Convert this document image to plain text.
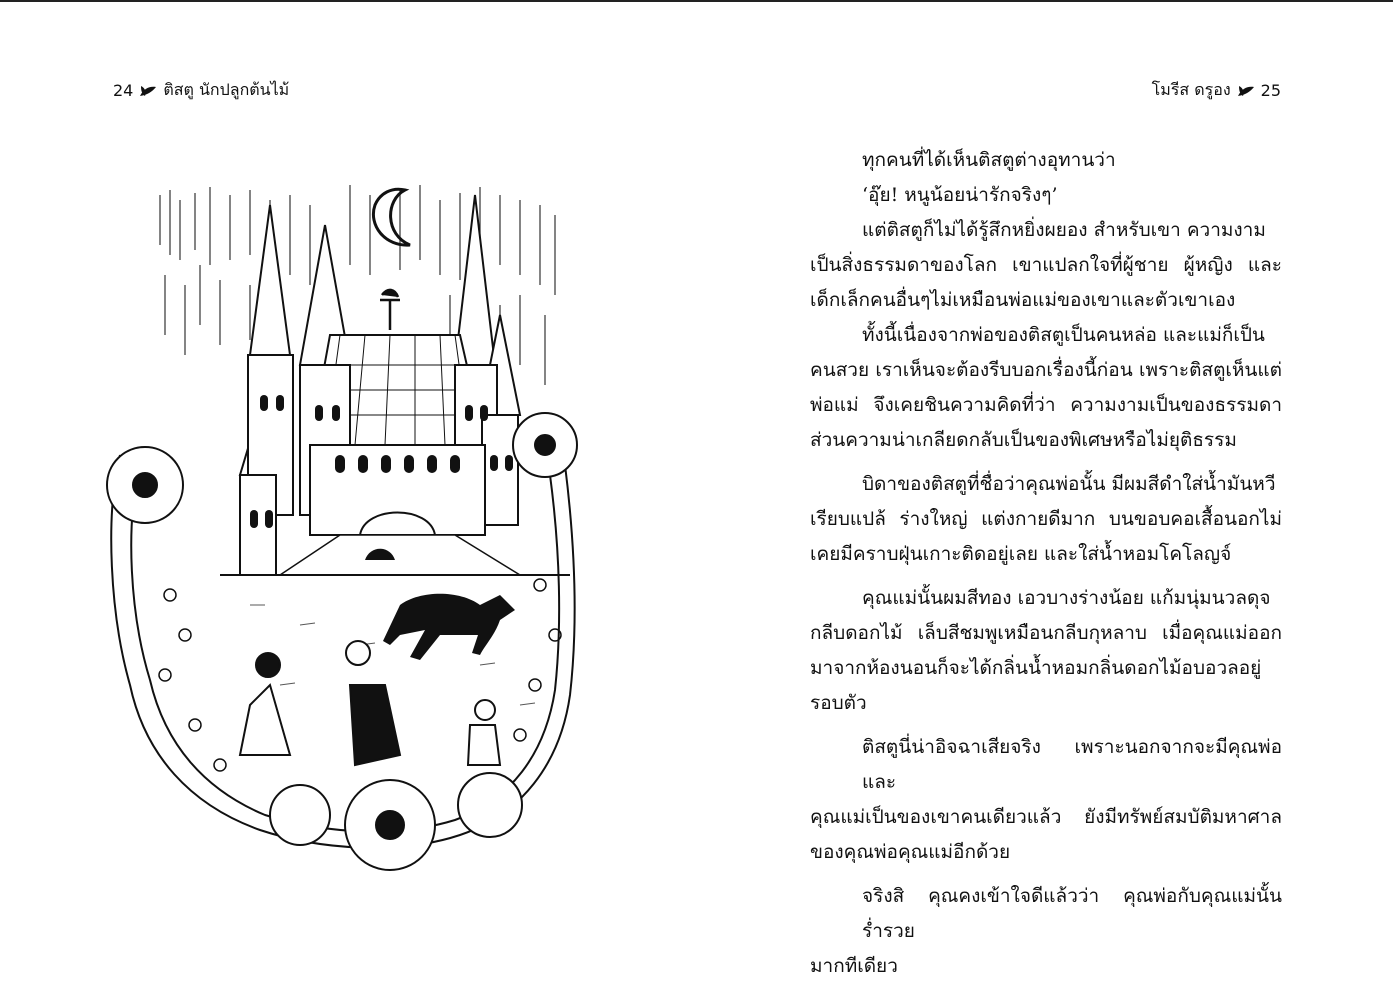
24 ติสตู นักปลูกต้นไม้	โมรีส ดรูอง 25

ทุกคนที่ได้เห็นติสตูต่างอุทานว่า

‘อุ๊ย! หนูน้อยน่ารักจริงๆ’

แต่ติสตูก็ไม่ได้รู้สึกหยิ่งผยอง สำหรับเขา ความงาม
เป็นสิ่งธรรมดาของโลก เขาแปลกใจที่ผู้ชาย ผู้หญิง และเด็กเล็กคนอื่นๆไม่เหมือนพ่อแม่ของเขาและตัวเขาเอง

ทั้งนี้เนื่องจากพ่อของติสตูเป็นคนหล่อ และแม่ก็เป็น
คนสวย เราเห็นจะต้องรีบบอกเรื่องนี้ก่อน เพราะติสตูเห็นแต่พ่อแม่ จึงเคยชินความคิดที่ว่า ความงามเป็นของธรรมดา ส่วนความน่าเกลียดกลับเป็นของพิเศษหรือไม่ยุติธรรม

บิดาของติสตูที่ชื่อว่าคุณพ่อนั้น มีผมสีดำใส่น้ำมันหวี
เรียบแปล้ ร่างใหญ่ แต่งกายดีมาก บนขอบคอเสื้อนอกไม่เคยมีคราบฝุ่นเกาะติดอยู่เลย และใส่น้ำหอมโคโลญจ์

คุณแม่นั้นผมสีทอง เอวบางร่างน้อย แก้มนุ่มนวลดุจ
กลีบดอกไม้ เล็บสีชมพูเหมือนกลีบกุหลาบ เมื่อคุณแม่ออกมาจากห้องนอนก็จะได้กลิ่นน้ำหอมกลิ่นดอกไม้อบอวลอยู่รอบตัว

ติสตูนี่น่าอิจฉาเสียจริง เพราะนอกจากจะมีคุณพ่อและ
คุณแม่เป็นของเขาคนเดียวแล้ว ยังมีทรัพย์สมบัติมหาศาลของคุณพ่อคุณแม่อีกด้วย

จริงสิ คุณคงเข้าใจดีแล้วว่า คุณพ่อกับคุณแม่นั้นร่ำรวย
มากทีเดียว
